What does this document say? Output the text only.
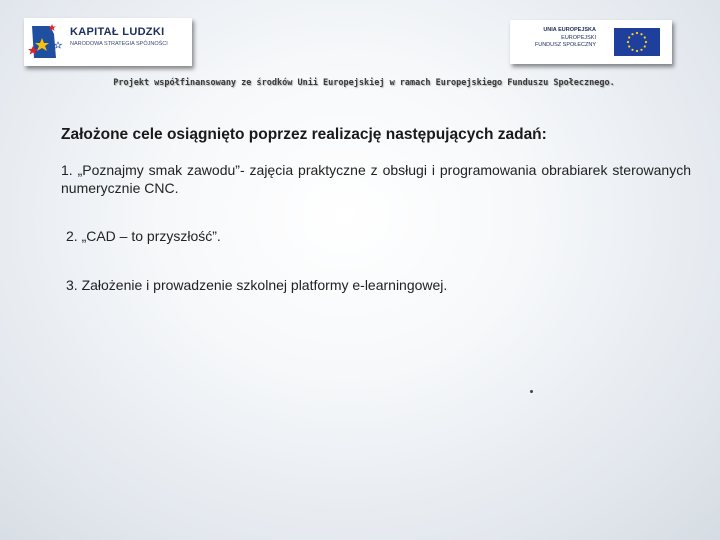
KAPITAŁ LUDZKI
NARODOWA STRATEGIA SPÓJNOŚCI
UNIA EUROPEJSKA
EUROPEJSKI
FUNDUSZ SPOŁECZNY
Projekt współfinansowany ze środków Unii Europejskiej w ramach Europejskiego Funduszu Społecznego.
Założone cele osiągnięto poprzez realizację następujących zadań:
1. „Poznajmy smak zawodu”- zajęcia praktyczne z obsługi i programowania obrabiarek sterowanych numerycznie CNC.
2. „CAD – to przyszłość”.
3. Założenie i prowadzenie szkolnej platformy e-learningowej.
